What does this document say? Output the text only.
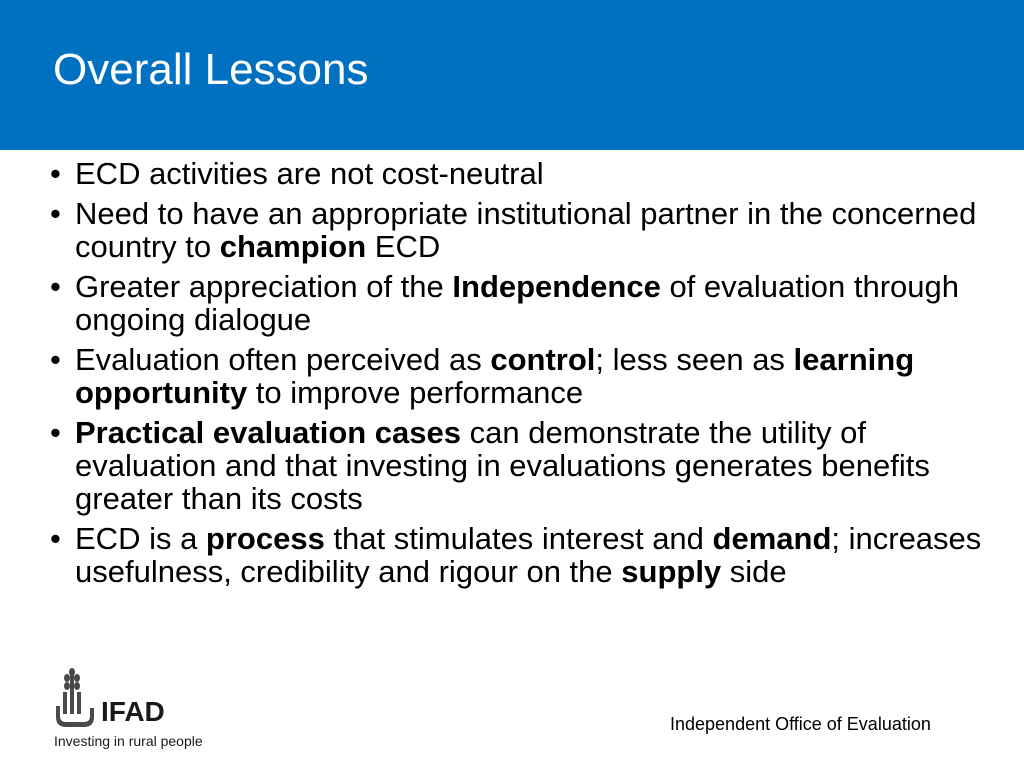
Overall Lessons
• ECD activities are not cost-neutral
• Need to have an appropriate institutional partner in the concerned country to champion ECD
• Greater appreciation of the Independence of evaluation through ongoing dialogue
• Evaluation often perceived as control; less seen as learning opportunity to improve performance
• Practical evaluation cases can demonstrate the utility of evaluation and that investing in evaluations generates benefits greater than its costs
• ECD is a process that stimulates interest and demand; increases usefulness, credibility and rigour on the supply side
IFAD
Investing in rural people
Independent Office of Evaluation
